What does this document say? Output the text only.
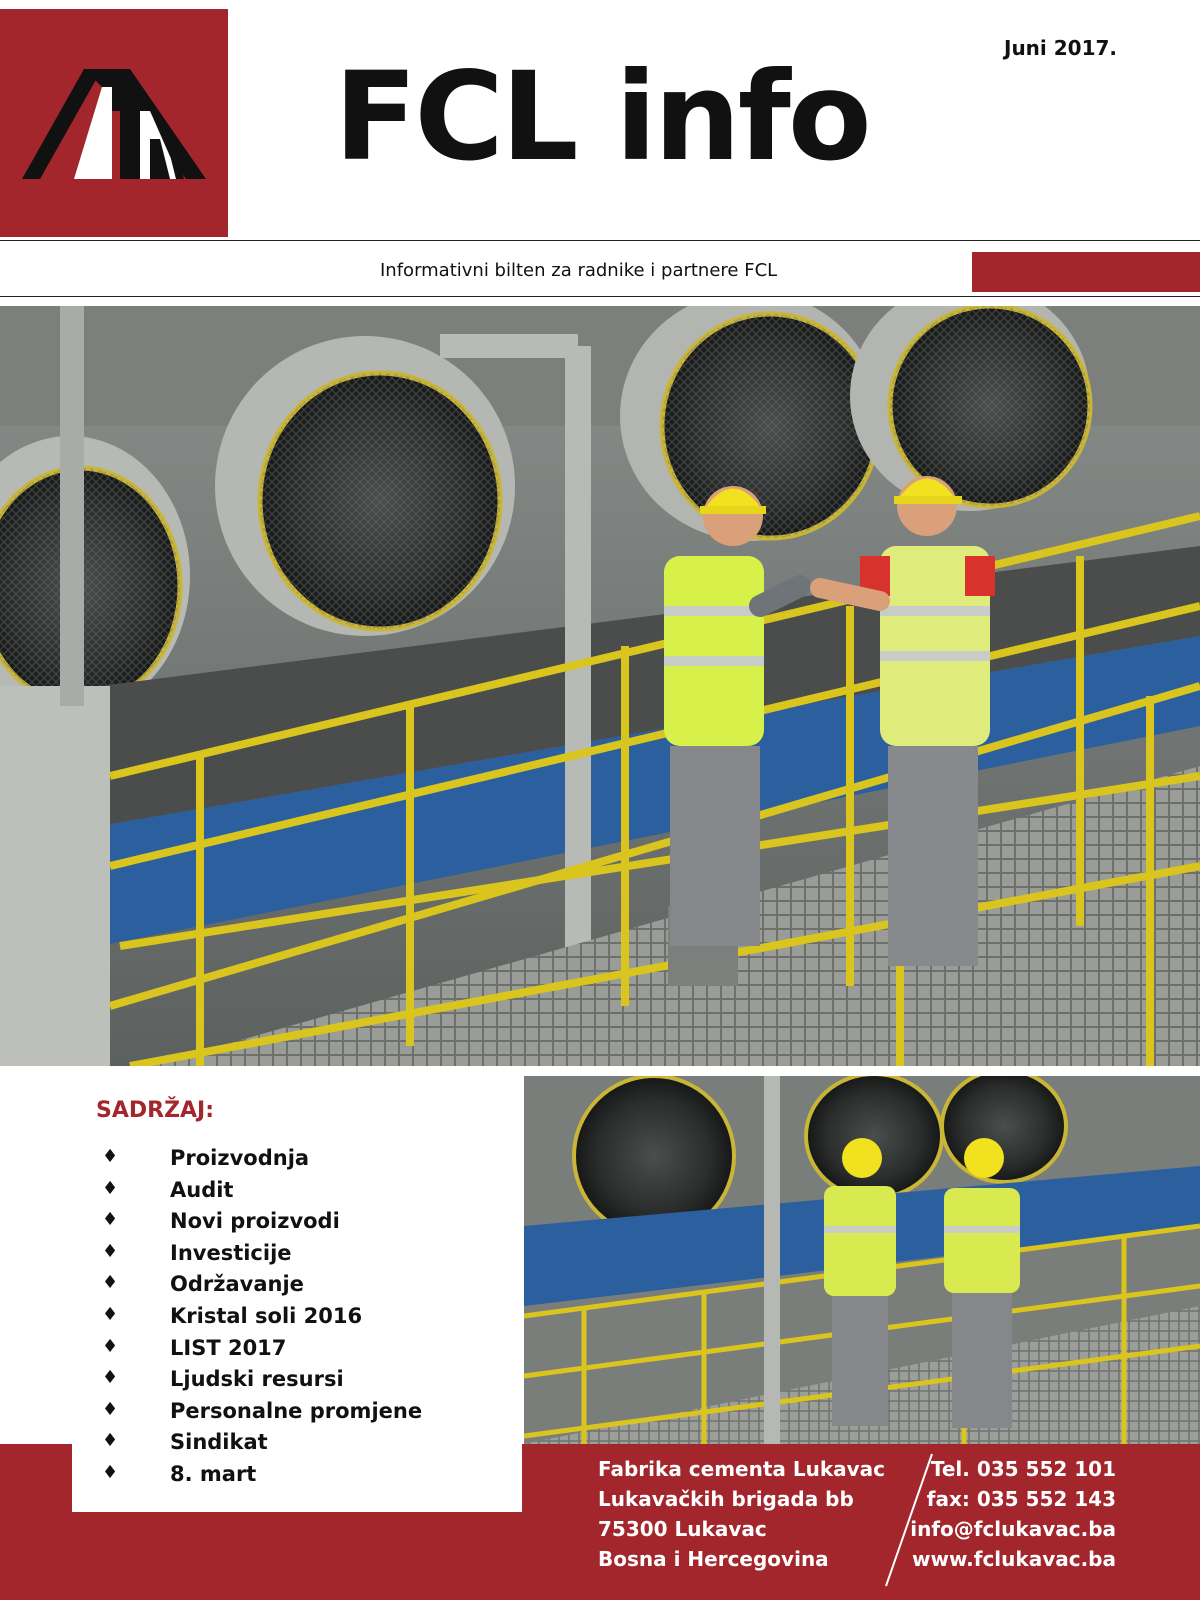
FCL info	Juni 2017.
Informativni bilten za radnike i partnere FCL
SADRŽAJ:
♦ Proizvodnja
♦ Audit
♦ Novi proizvodi
♦ Investicije
♦ Održavanje
♦ Kristal soli 2016
♦ LIST 2017
♦ Ljudski resursi
♦ Personalne promjene
♦ Sindikat
♦ 8. mart	Fabrika cementa Lukavac
Lukavačkih brigada bb
75300 Lukavac
Bosna i Hercegovina
Tel. 035 552 101
fax: 035 552 143
info@fclukavac.ba
www.fclukavac.ba
